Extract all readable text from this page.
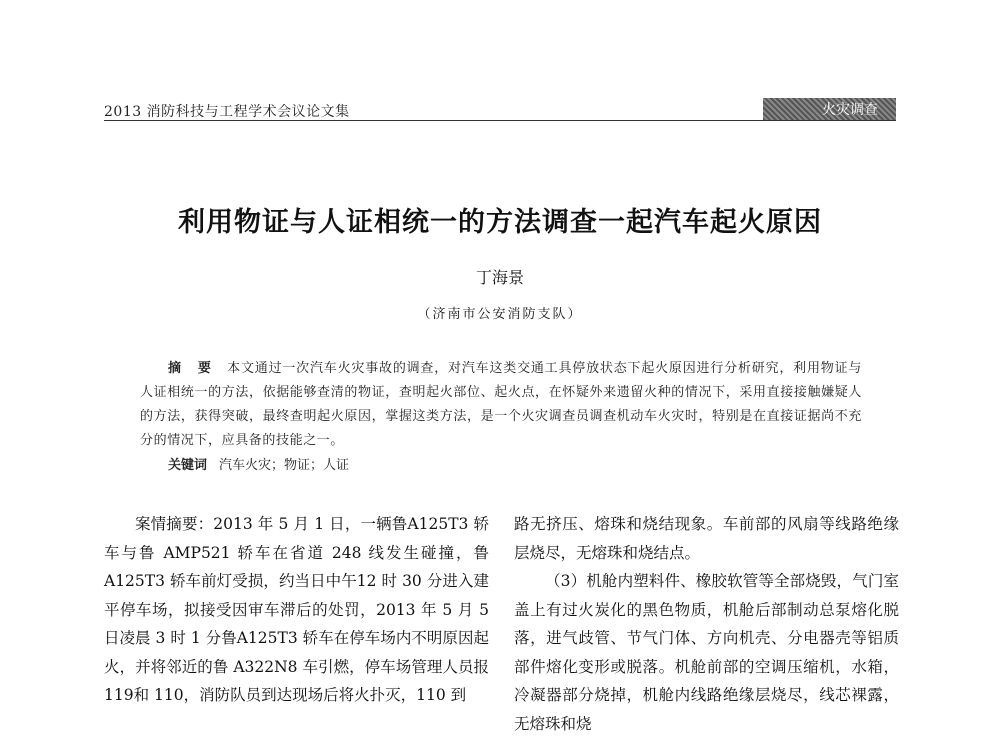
2013 消防科技与工程学术会议论文集	火灾调查
利用物证与人证相统一的方法调查一起汽车起火原因
丁海景
（济南市公安消防支队）
摘 要 本文通过一次汽车火灾事故的调查，对汽车这类交通工具停放状态下起火原因进行分析研究，利用物证与人证相统一的方法，依据能够查清的物证，查明起火部位、起火点，在怀疑外来遗留火种的情况下，采用直接接触嫌疑人的方法，获得突破，最终查明起火原因，掌握这类方法，是一个火灾调查员调查机动车火灾时，特别是在直接证据尚不充分的情况下，应具备的技能之一。
关键词 汽车火灾；物证；人证

案情摘要：2013 年 5 月 1 日，一辆鲁A125T3 轿车与鲁 AMP521 轿车在省道 248 线发生碰撞，鲁 A125T3 轿车前灯受损，约当日中午12 时 30 分进入建平停车场，拟接受因审车滞后的处罚，2013 年 5 月 5 日凌晨 3 时 1 分鲁A125T3 轿车在停车场内不明原因起火，并将邻近的鲁 A322N8 车引燃，停车场管理人员报 119和 110，消防队员到达现场后将火扑灭，110 到

路无挤压、熔珠和烧结现象。车前部的风扇等线路绝缘层烧尽，无熔珠和烧结点。

（3）机舱内塑料件、橡胶软管等全部烧毁，气门室盖上有过火炭化的黑色物质，机舱后部制动总泵熔化脱落，进气歧管、节气门体、方向机壳、分电器壳等铝质部件熔化变形或脱落。机舱前部的空调压缩机，水箱，冷凝器部分烧掉，机舱内线路绝缘层烧尽，线芯裸露，无熔珠和烧
